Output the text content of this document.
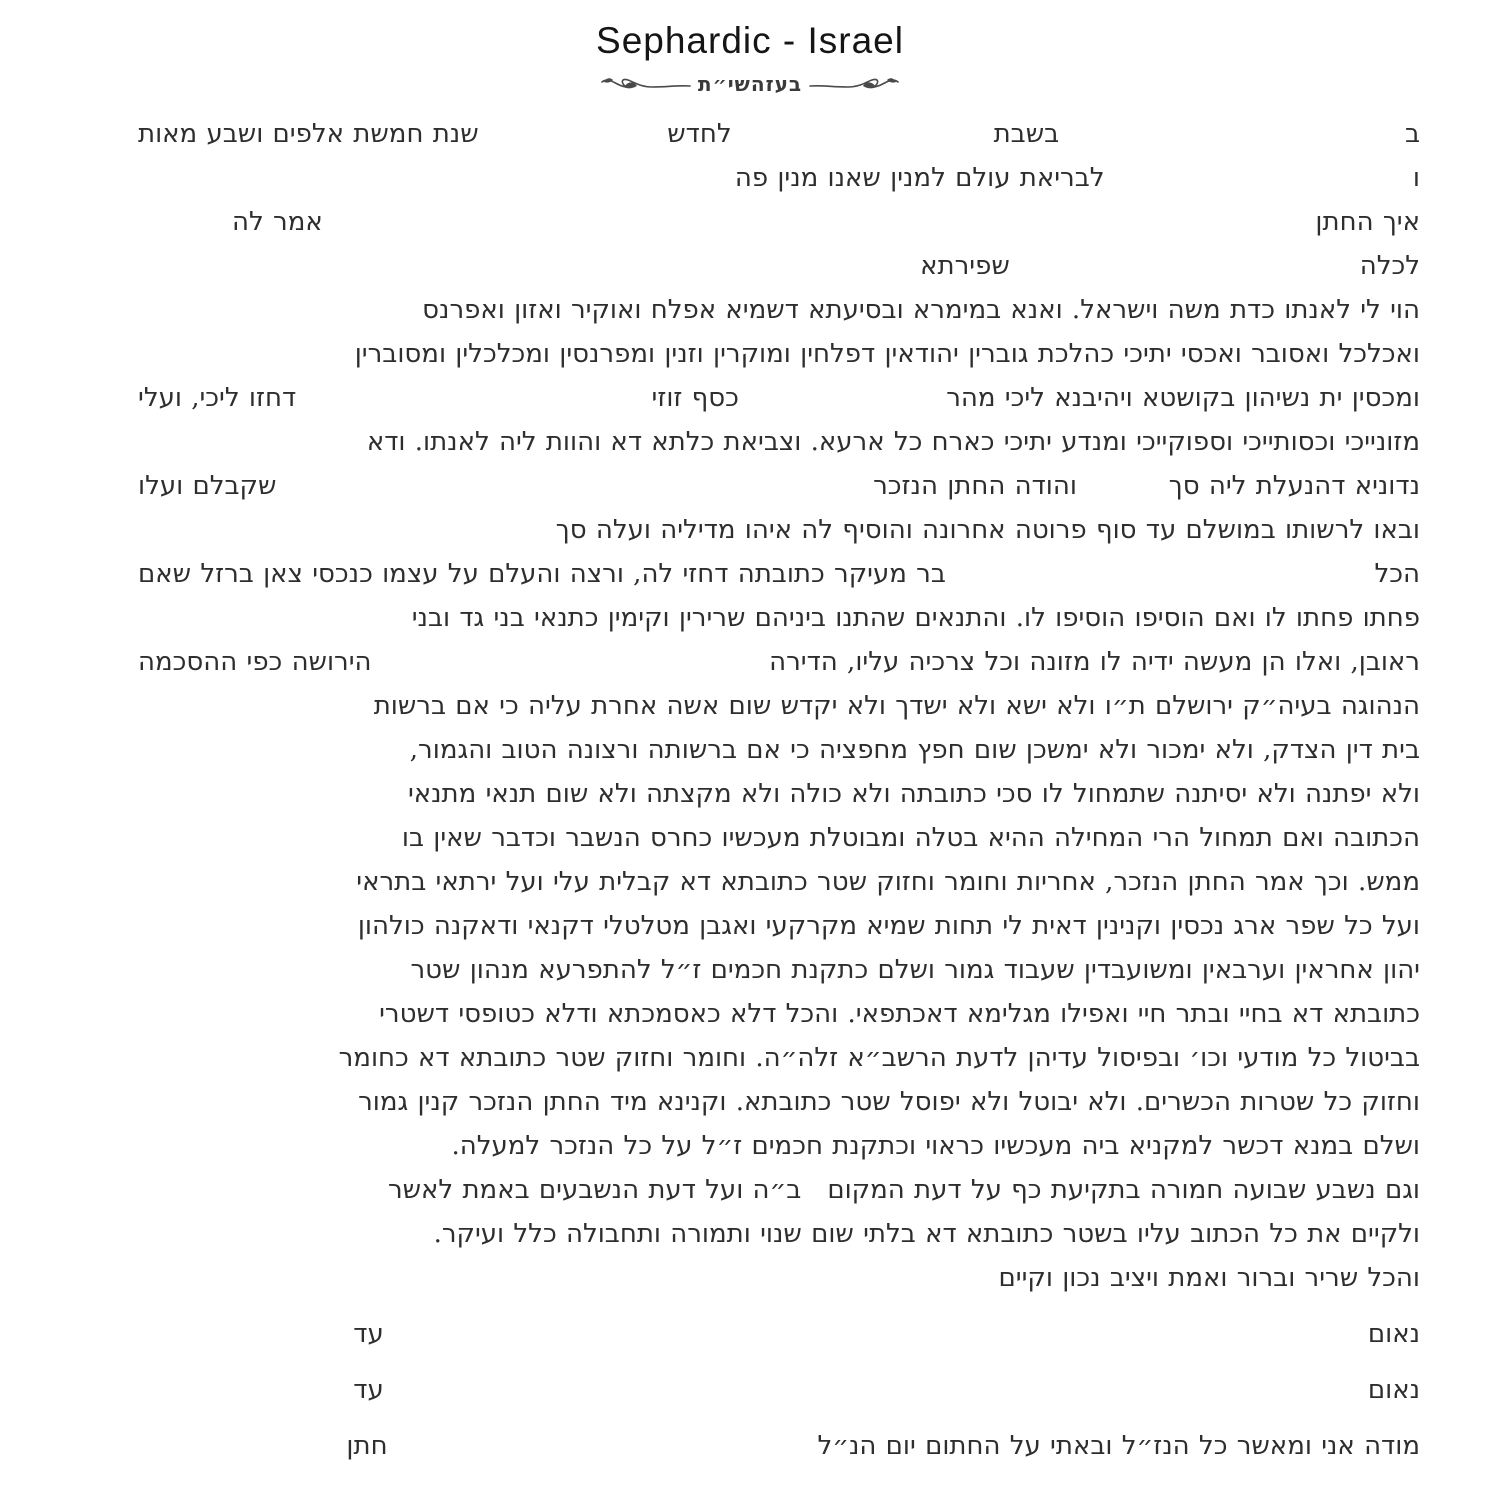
Sephardic - Israel
בעזהשי״ת
ב
בשבת
לחדש
שנת חמשת אלפים ושבע מאות
ו
לבריאת עולם למנין שאנו מנין פה
איך החתן
אמר לה
לכלה
שפירתא
הוי לי לאנתו כדת משה וישראל. ואנא במימרא ובסיעתא דשמיא אפלח ואוקיר ואזון ואפרנס
ואכלכל ואסובר ואכסי יתיכי כהלכת גוברין יהודאין דפלחין ומוקרין וזנין ומפרנסין ומכלכלין ומסוברין
ומכסין ית נשיהון בקושטא ויהיבנא ליכי מהר
כסף זוזי
דחזו ליכי, ועלי
מזונייכי וכסותייכי וספוקייכי ומנדע יתיכי כארח כל ארעא. וצביאת כלתא דא והוות ליה לאנתו. ודא
נדוניא דהנעלת ליה סך
והודה החתן הנזכר
שקבלם ועלו
ובאו לרשותו במושלם עד סוף פרוטה אחרונה והוסיף לה איהו מדיליה ועלה סך
הכל
בר מעיקר כתובתה דחזי לה, ורצה והעלם על עצמו כנכסי צאן ברזל שאם
פחתו פחתו לו ואם הוסיפו הוסיפו לו. והתנאים שהתנו ביניהם שרירין וקימין כתנאי בני גד ובני
ראובן, ואלו הן מעשה ידיה לו מזונה וכל צרכיה עליו, הדירה
הירושה כפי ההסכמה
הנהוגה בעיה״ק ירושלם ת״ו ולא ישא ולא ישדך ולא יקדש שום אשה אחרת עליה כי אם ברשות
בית דין הצדק, ולא ימכור ולא ימשכן שום חפץ מחפציה כי אם ברשותה ורצונה הטוב והגמור,
ולא יפתנה ולא יסיתנה שתמחול לו סכי כתובתה ולא כולה ולא מקצתה ולא שום תנאי מתנאי
הכתובה ואם תמחול הרי המחילה ההיא בטלה ומבוטלת מעכשיו כחרס הנשבר וכדבר שאין בו
ממש. וכך אמר החתן הנזכר, אחריות וחומר וחזוק שטר כתובתא דא קבלית עלי ועל ירתאי בתראי
ועל כל שפר ארג נכסין וקנינין דאית לי תחות שמיא מקרקעי ואגבן מטלטלי דקנאי ודאקנה כולהון
יהון אחראין וערבאין ומשועבדין שעבוד גמור ושלם כתקנת חכמים ז״ל להתפרעא מנהון שטר
כתובתא דא בחיי ובתר חיי ואפילו מגלימא דאכתפאי. והכל דלא כאסמכתא ודלא כטופסי דשטרי
בביטול כל מודעי וכו׳ ובפיסול עדיהן לדעת הרשב״א זלה״ה. וחומר וחזוק שטר כתובתא דא כחומר
וחזוק כל שטרות הכשרים. ולא יבוטל ולא יפוסל שטר כתובתא. וקנינא מיד החתן הנזכר קנין גמור
ושלם במנא דכשר למקניא ביה מעכשיו כראוי וכתקנת חכמים ז״ל על כל הנזכר למעלה.
וגם נשבע שבועה חמורה בתקיעת כף על דעת המקום  ב״ה ועל דעת הנשבעים באמת לאשר
ולקיים את כל הכתוב עליו בשטר כתובתא דא בלתי שום שנוי ותמורה ותחבולה כלל ועיקר.
והכל שריר וברור ואמת ויציב נכון וקיים
נאום
עד
נאום
עד
מודה אני ומאשר כל הנז״ל ובאתי על החתום יום הנ״ל
חתן
